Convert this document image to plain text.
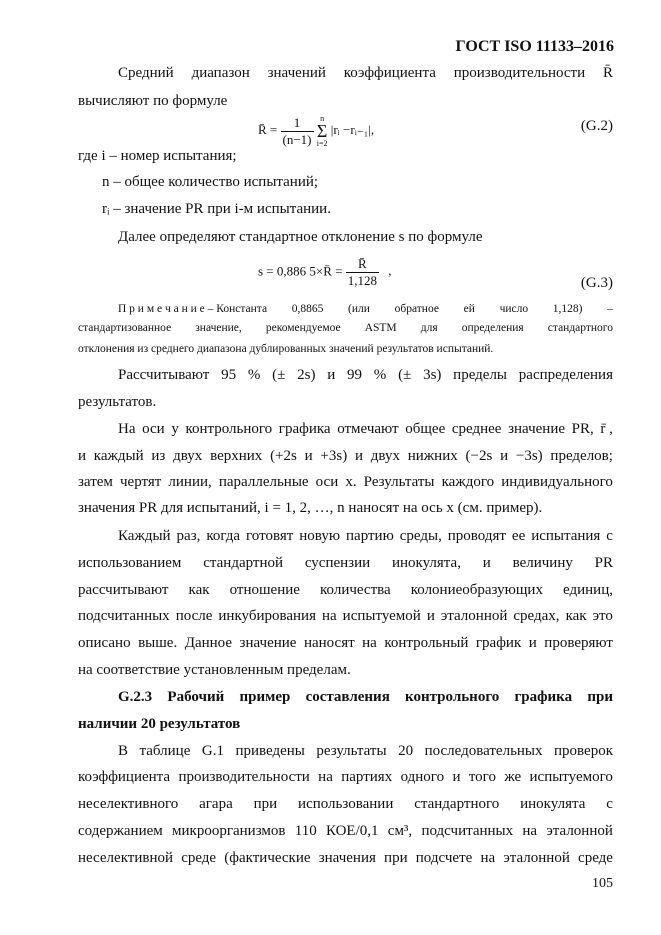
ГОСТ ISO 11133–2016
Средний диапазон значений коэффициента производительности R̄
вычисляют по формуле
R̄ = $\frac{1}{(n-1)}$
n
Σ
i=2
|rᵢ −rᵢ₋₁|,	(G.2)
где i – номер испытания;
n – общее количество испытаний;
rᵢ – значение PR при i-м испытании.
Далее определяют стандартное отклонение s по формуле
s = 0,886 5×R̄ = $\frac{R̄}{1,128}$ ,
(G.3)
П р и м е ч а н и е – Константа 0,8865 (или обратное ей число 1,128) –
стандартизованное значение, рекомендуемое ASTM для определения стандартного
отклонения из среднего диапазона дублированных значений результатов испытаний.
Рассчитывают 95 % (± 2s) и 99 % (± 3s) пределы распределения
результатов.
На оси у контрольного графика отмечают общее среднее значение PR, r̄ ,
и каждый из двух верхних (+2s и +3s) и двух нижних (−2s и −3s) пределов;
затем чертят линии, параллельные оси x. Результаты каждого индивидуального
значения PR для испытаний, i = 1, 2, …, n наносят на ось x (см. пример).
Каждый раз, когда готовят новую партию среды, проводят ее испытания с
использованием стандартной суспензии инокулята, и величину PR
рассчитывают как отношение количества колониеобразующих единиц,
подсчитанных после инкубирования на испытуемой и эталонной средах, как это
описано выше. Данное значение наносят на контрольный график и проверяют
на соответствие установленным пределам.
G.2.3 Рабочий пример составления контрольного графика при
наличии 20 результатов
В таблице G.1 приведены результаты 20 последовательных проверок
коэффициента производительности на партиях одного и того же испытуемого
неселективного агара при использовании стандартного инокулята с
содержанием микроорганизмов 110 КОЕ/0,1 см³, подсчитанных на эталонной
неселективной среде (фактические значения при подсчете на эталонной среде
105
